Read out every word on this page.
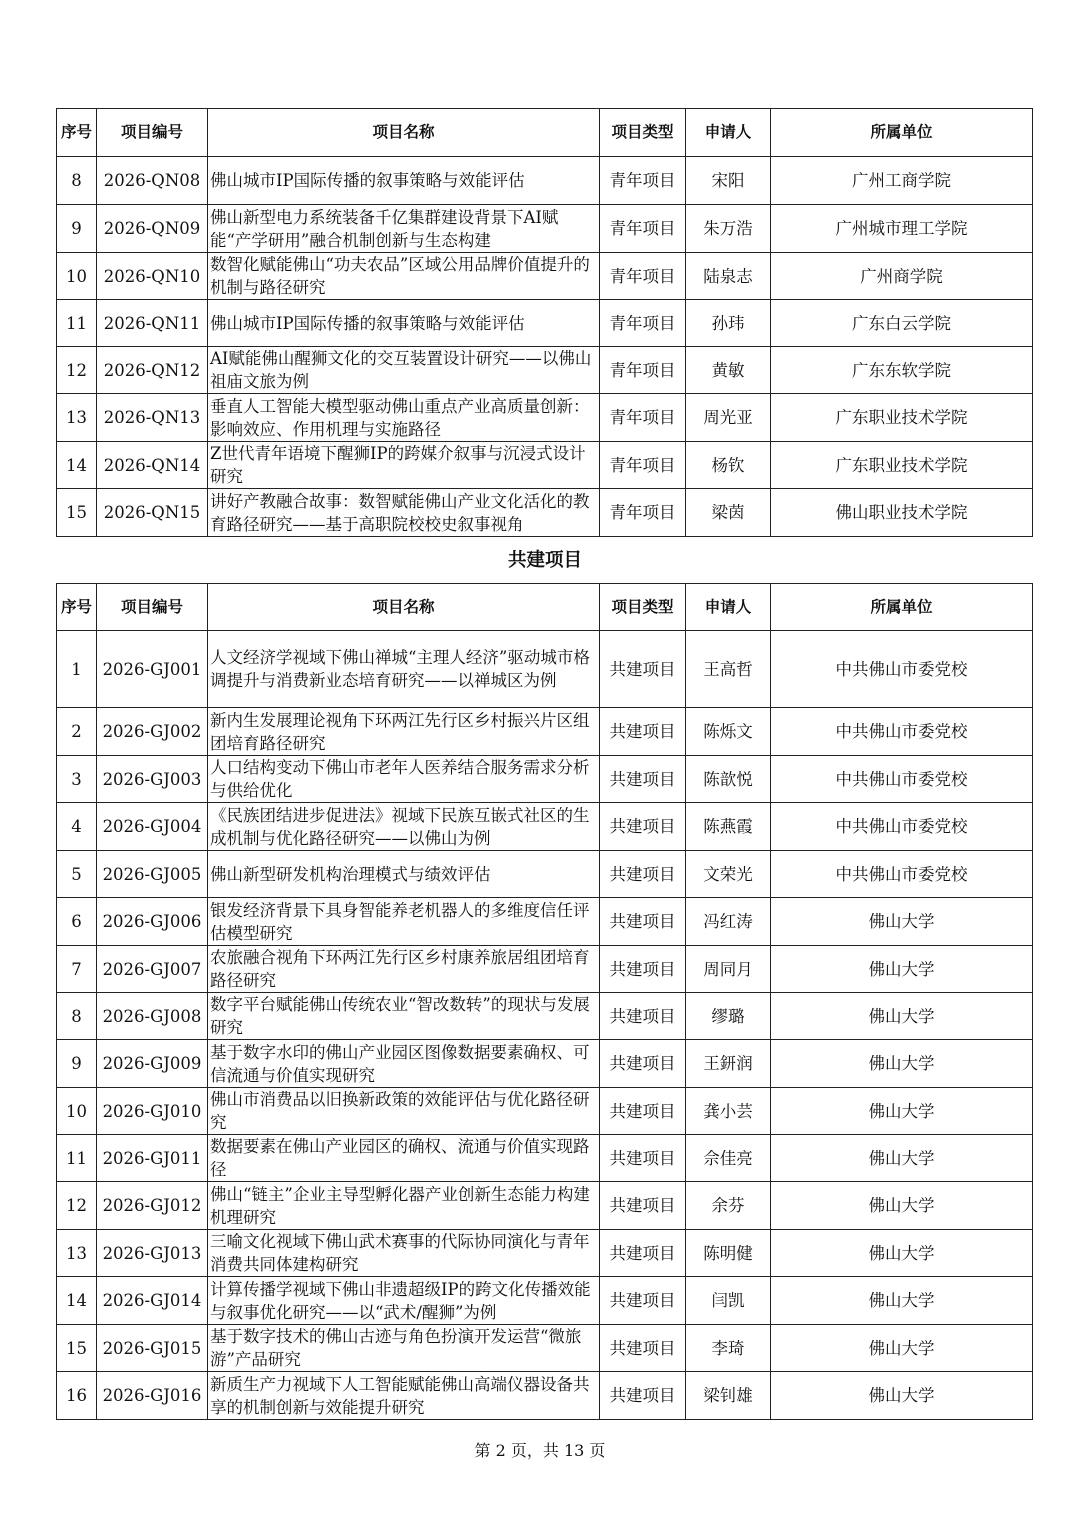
序号	项目编号	项目名称	项目类型	申请人	所属单位
8	2026-QN08	佛山城市IP国际传播的叙事策略与效能评估	青年项目	宋阳	广州工商学院
9	2026-QN09	佛山新型电力系统装备千亿集群建设背景下AI赋能“产学研用”融合机制创新与生态构建	青年项目	朱万浩	广州城市理工学院
10	2026-QN10	数智化赋能佛山“功夫农品”区域公用品牌价值提升的机制与路径研究	青年项目	陆泉志	广州商学院
11	2026-QN11	佛山城市IP国际传播的叙事策略与效能评估	青年项目	孙玮	广东白云学院
12	2026-QN12	AI赋能佛山醒狮文化的交互装置设计研究——以佛山祖庙文旅为例	青年项目	黄敏	广东东软学院
13	2026-QN13	垂直人工智能大模型驱动佛山重点产业高质量创新：影响效应、作用机理与实施路径	青年项目	周光亚	广东职业技术学院
14	2026-QN14	Z世代青年语境下醒狮IP的跨媒介叙事与沉浸式设计研究	青年项目	杨钦	广东职业技术学院
15	2026-QN15	讲好产教融合故事：数智赋能佛山产业文化活化的教育路径研究——基于高职院校校史叙事视角	青年项目	梁茵	佛山职业技术学院
共建项目
序号	项目编号	项目名称	项目类型	申请人	所属单位
1	2026-GJ001	人文经济学视域下佛山禅城“主理人经济”驱动城市格调提升与消费新业态培育研究——以禅城区为例	共建项目	王高哲	中共佛山市委党校
2	2026-GJ002	新内生发展理论视角下环两江先行区乡村振兴片区组团培育路径研究	共建项目	陈烁文	中共佛山市委党校
3	2026-GJ003	人口结构变动下佛山市老年人医养结合服务需求分析与供给优化	共建项目	陈歆悦	中共佛山市委党校
4	2026-GJ004	《民族团结进步促进法》视域下民族互嵌式社区的生成机制与优化路径研究——以佛山为例	共建项目	陈燕霞	中共佛山市委党校
5	2026-GJ005	佛山新型研发机构治理模式与绩效评估	共建项目	文荣光	中共佛山市委党校
6	2026-GJ006	银发经济背景下具身智能养老机器人的多维度信任评估模型研究	共建项目	冯红涛	佛山大学
7	2026-GJ007	农旅融合视角下环两江先行区乡村康养旅居组团培育路径研究	共建项目	周同月	佛山大学
8	2026-GJ008	数字平台赋能佛山传统农业“智改数转”的现状与发展研究	共建项目	缪璐	佛山大学
9	2026-GJ009	基于数字水印的佛山产业园区图像数据要素确权、可信流通与价值实现研究	共建项目	王鈃润	佛山大学
10	2026-GJ010	佛山市消费品以旧换新政策的效能评估与优化路径研究	共建项目	龚小芸	佛山大学
11	2026-GJ011	数据要素在佛山产业园区的确权、流通与价值实现路径	共建项目	佘佳亮	佛山大学
12	2026-GJ012	佛山“链主”企业主导型孵化器产业创新生态能力构建机理研究	共建项目	余芬	佛山大学
13	2026-GJ013	三喻文化视域下佛山武术赛事的代际协同演化与青年消费共同体建构研究	共建项目	陈明健	佛山大学
14	2026-GJ014	计算传播学视域下佛山非遗超级IP的跨文化传播效能与叙事优化研究——以“武术/醒狮”为例	共建项目	闫凯	佛山大学
15	2026-GJ015	基于数字技术的佛山古迹与角色扮演开发运营“微旅游”产品研究	共建项目	李琦	佛山大学
16	2026-GJ016	新质生产力视域下人工智能赋能佛山高端仪器设备共享的机制创新与效能提升研究	共建项目	梁钊雄	佛山大学
第 2 页，共 13 页
